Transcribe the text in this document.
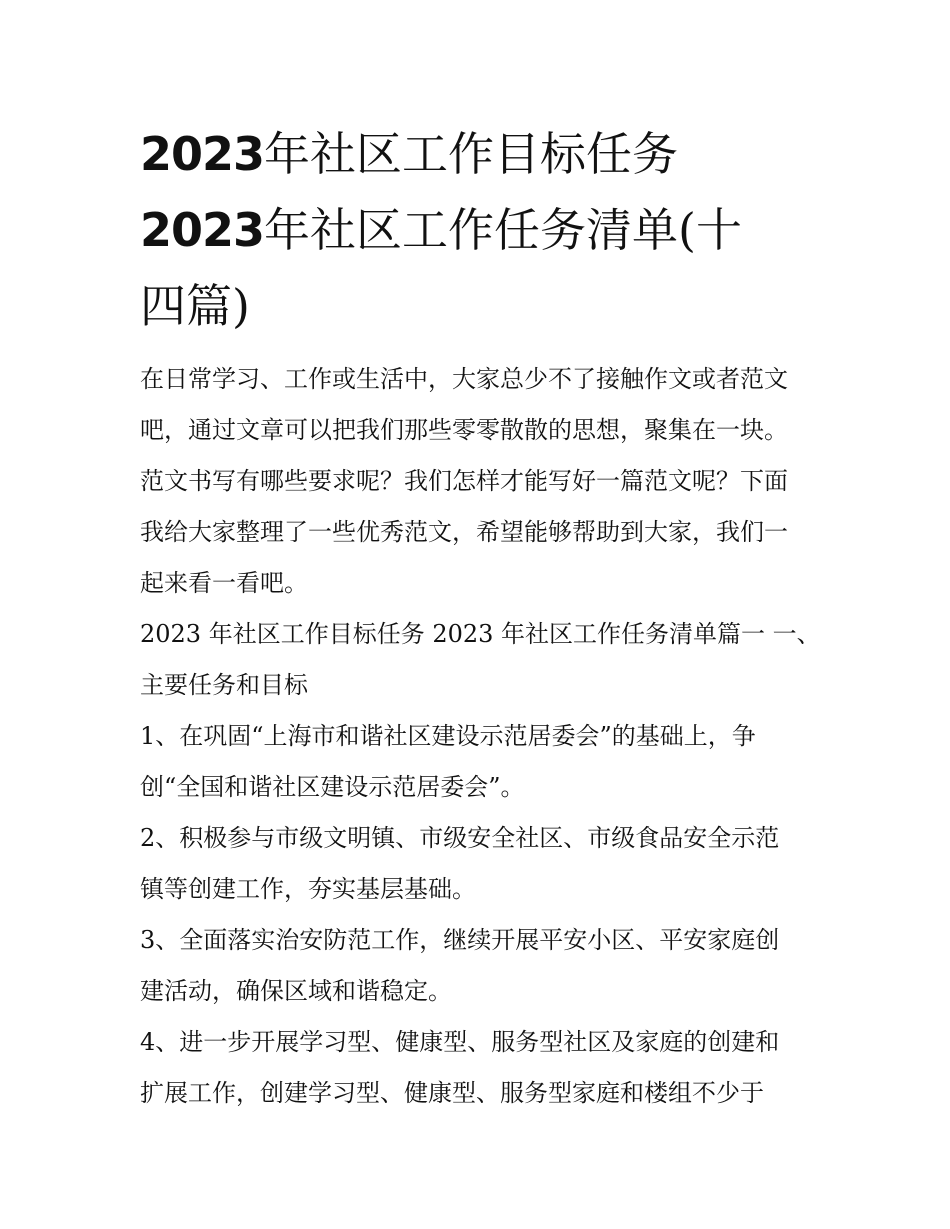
2023年社区工作目标任务
2023年社区工作任务清单(十
四篇)

在日常学习、工作或生活中，大家总少不了接触作文或者范文
吧，通过文章可以把我们那些零零散散的思想，聚集在一块。
范文书写有哪些要求呢？我们怎样才能写好一篇范文呢？下面
我给大家整理了一些优秀范文，希望能够帮助到大家，我们一
起来看一看吧。

2023 年社区工作目标任务 2023 年社区工作任务清单篇一 一、
主要任务和目标

1、在巩固“上海市和谐社区建设示范居委会”的基础上，争
创“全国和谐社区建设示范居委会”。

2、积极参与市级文明镇、市级安全社区、市级食品安全示范
镇等创建工作，夯实基层基础。

3、全面落实治安防范工作，继续开展平安小区、平安家庭创
建活动，确保区域和谐稳定。

4、进一步开展学习型、健康型、服务型社区及家庭的创建和
扩展工作，创建学习型、健康型、服务型家庭和楼组不少于
